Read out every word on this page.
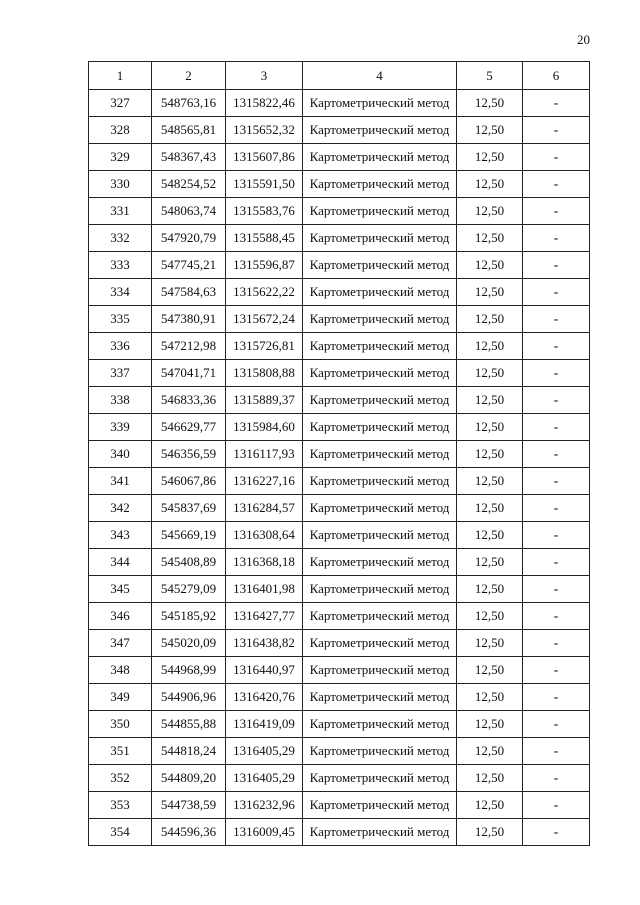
20
1	2	3	4	5	6
327	548763,16	1315822,46	Картометрический метод	12,50	-
328	548565,81	1315652,32	Картометрический метод	12,50	-
329	548367,43	1315607,86	Картометрический метод	12,50	-
330	548254,52	1315591,50	Картометрический метод	12,50	-
331	548063,74	1315583,76	Картометрический метод	12,50	-
332	547920,79	1315588,45	Картометрический метод	12,50	-
333	547745,21	1315596,87	Картометрический метод	12,50	-
334	547584,63	1315622,22	Картометрический метод	12,50	-
335	547380,91	1315672,24	Картометрический метод	12,50	-
336	547212,98	1315726,81	Картометрический метод	12,50	-
337	547041,71	1315808,88	Картометрический метод	12,50	-
338	546833,36	1315889,37	Картометрический метод	12,50	-
339	546629,77	1315984,60	Картометрический метод	12,50	-
340	546356,59	1316117,93	Картометрический метод	12,50	-
341	546067,86	1316227,16	Картометрический метод	12,50	-
342	545837,69	1316284,57	Картометрический метод	12,50	-
343	545669,19	1316308,64	Картометрический метод	12,50	-
344	545408,89	1316368,18	Картометрический метод	12,50	-
345	545279,09	1316401,98	Картометрический метод	12,50	-
346	545185,92	1316427,77	Картометрический метод	12,50	-
347	545020,09	1316438,82	Картометрический метод	12,50	-
348	544968,99	1316440,97	Картометрический метод	12,50	-
349	544906,96	1316420,76	Картометрический метод	12,50	-
350	544855,88	1316419,09	Картометрический метод	12,50	-
351	544818,24	1316405,29	Картометрический метод	12,50	-
352	544809,20	1316405,29	Картометрический метод	12,50	-
353	544738,59	1316232,96	Картометрический метод	12,50	-
354	544596,36	1316009,45	Картометрический метод	12,50	-
